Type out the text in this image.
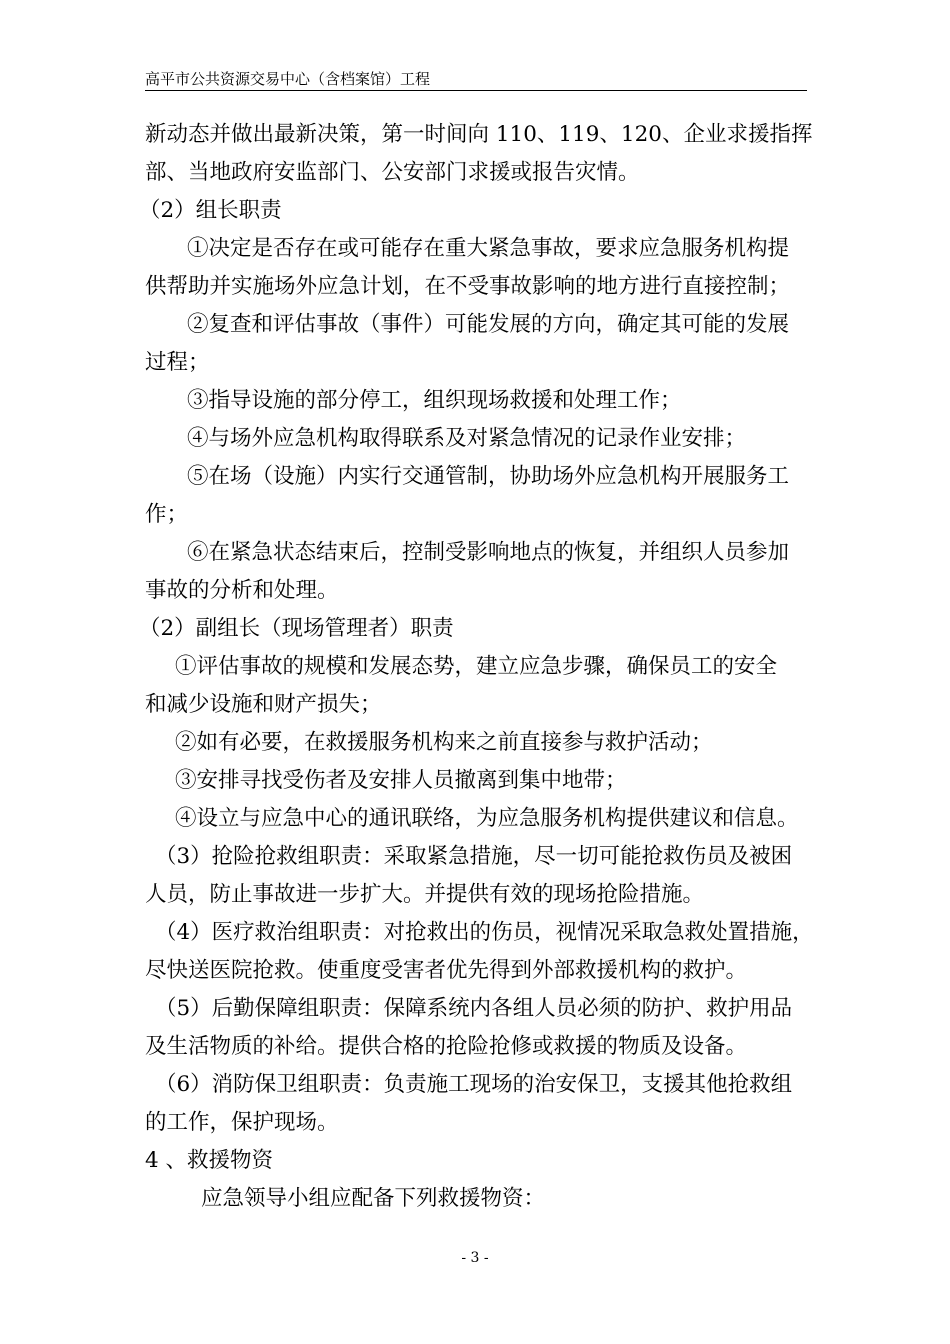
高平市公共资源交易中心（含档案馆）工程
新动态并做出最新决策，第一时间向 110、119、120、企业求援指挥
部、当地政府安监部门、公安部门求援或报告灾情。
（2）组长职责
①决定是否存在或可能存在重大紧急事故，要求应急服务机构提
供帮助并实施场外应急计划，在不受事故影响的地方进行直接控制；
②复查和评估事故（事件）可能发展的方向，确定其可能的发展
过程；
③指导设施的部分停工，组织现场救援和处理工作；
④与场外应急机构取得联系及对紧急情况的记录作业安排；
⑤在场（设施）内实行交通管制，协助场外应急机构开展服务工
作；
⑥在紧急状态结束后，控制受影响地点的恢复，并组织人员参加
事故的分析和处理。
（2）副组长（现场管理者）职责
①评估事故的规模和发展态势，建立应急步骤，确保员工的安全
和减少设施和财产损失；
②如有必要，在救援服务机构来之前直接参与救护活动；
③安排寻找受伤者及安排人员撤离到集中地带；
④设立与应急中心的通讯联络，为应急服务机构提供建议和信息。
（3）抢险抢救组职责：采取紧急措施，尽一切可能抢救伤员及被困
人员，防止事故进一步扩大。并提供有效的现场抢险措施。
（4）医疗救治组职责：对抢救出的伤员，视情况采取急救处置措施，
尽快送医院抢救。使重度受害者优先得到外部救援机构的救护。
（5）后勤保障组职责：保障系统内各组人员必须的防护、救护用品
及生活物质的补给。提供合格的抢险抢修或救援的物质及设备。
（6）消防保卫组职责：负责施工现场的治安保卫，支援其他抢救组
的工作，保护现场。
4 、救援物资
应急领导小组应配备下列救援物资：
- 3 -
